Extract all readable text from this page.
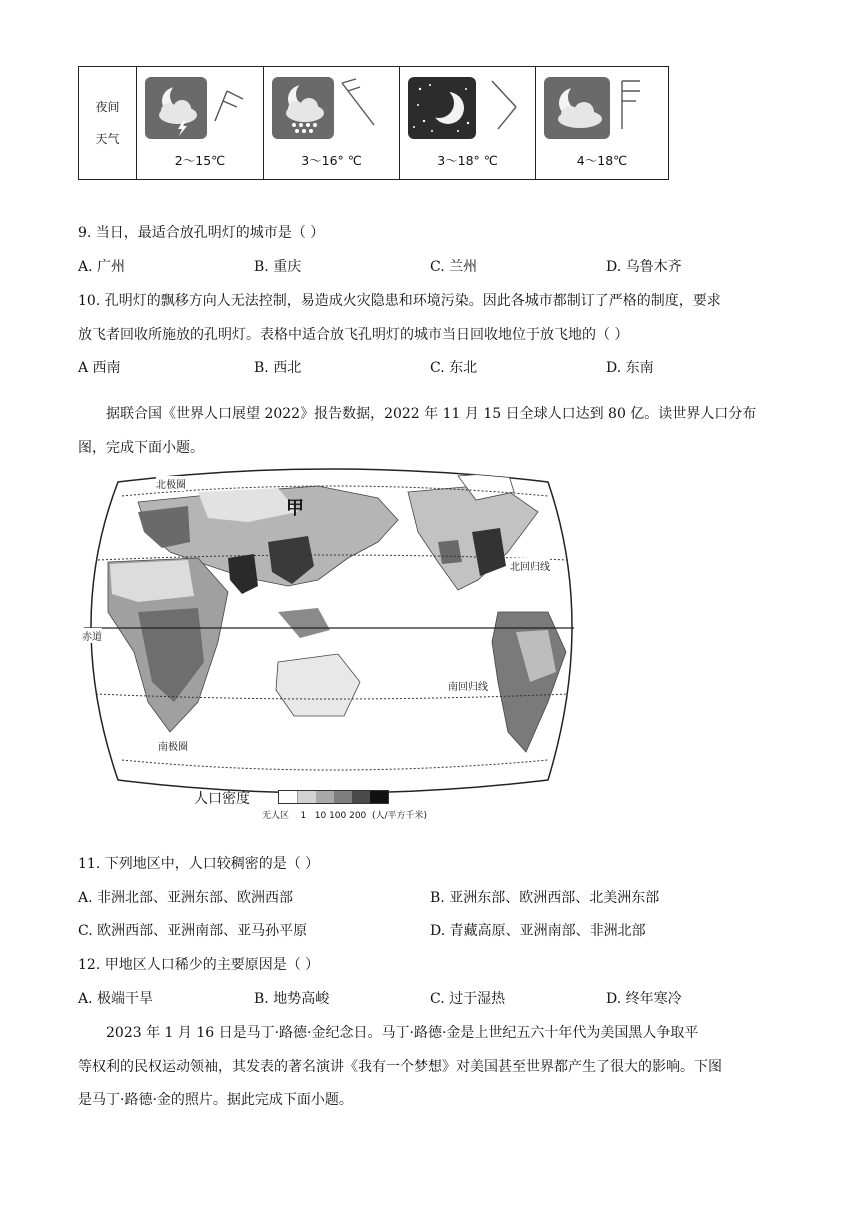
夜间
天气
2～15℃	3～16° ℃	3～18° ℃	4～18℃
9. 当日，最适合放孔明灯的城市是（ ）
A. 广州	B. 重庆	C. 兰州	D. 乌鲁木齐
10. 孔明灯的飘移方向人无法控制，易造成火灾隐患和环境污染。因此各城市都制订了严格的制度，要求
放飞者回收所施放的孔明灯。表格中适合放飞孔明灯的城市当日回收地位于放飞地的（ ）
A 西南	B. 西北	C. 东北	D. 东南
据联合国《世界人口展望 2022》报告数据，2022 年 11 月 15 日全球人口达到 80 亿。读世界人口分布
图，完成下面小题。
北极圈
甲
北回归线
赤道
南回归线
南极圈
人口密度
无人区    1   10 100 200  (人/平方千米)
11. 下列地区中，人口较稠密的是（ ）
A. 非洲北部、亚洲东部、欧洲西部	B. 亚洲东部、欧洲西部、北美洲东部
C. 欧洲西部、亚洲南部、亚马孙平原	D. 青藏高原、亚洲南部、非洲北部
12. 甲地区人口稀少的主要原因是（ ）
A. 极端干旱	B. 地势高峻	C. 过于湿热	D. 终年寒冷
2023 年 1 月 16 日是马丁·路德·金纪念日。马丁·路德·金是上世纪五六十年代为美国黑人争取平
等权利的民权运动领袖，其发表的著名演讲《我有一个梦想》对美国甚至世界都产生了很大的影响。下图
是马丁·路德·金的照片。据此完成下面小题。
